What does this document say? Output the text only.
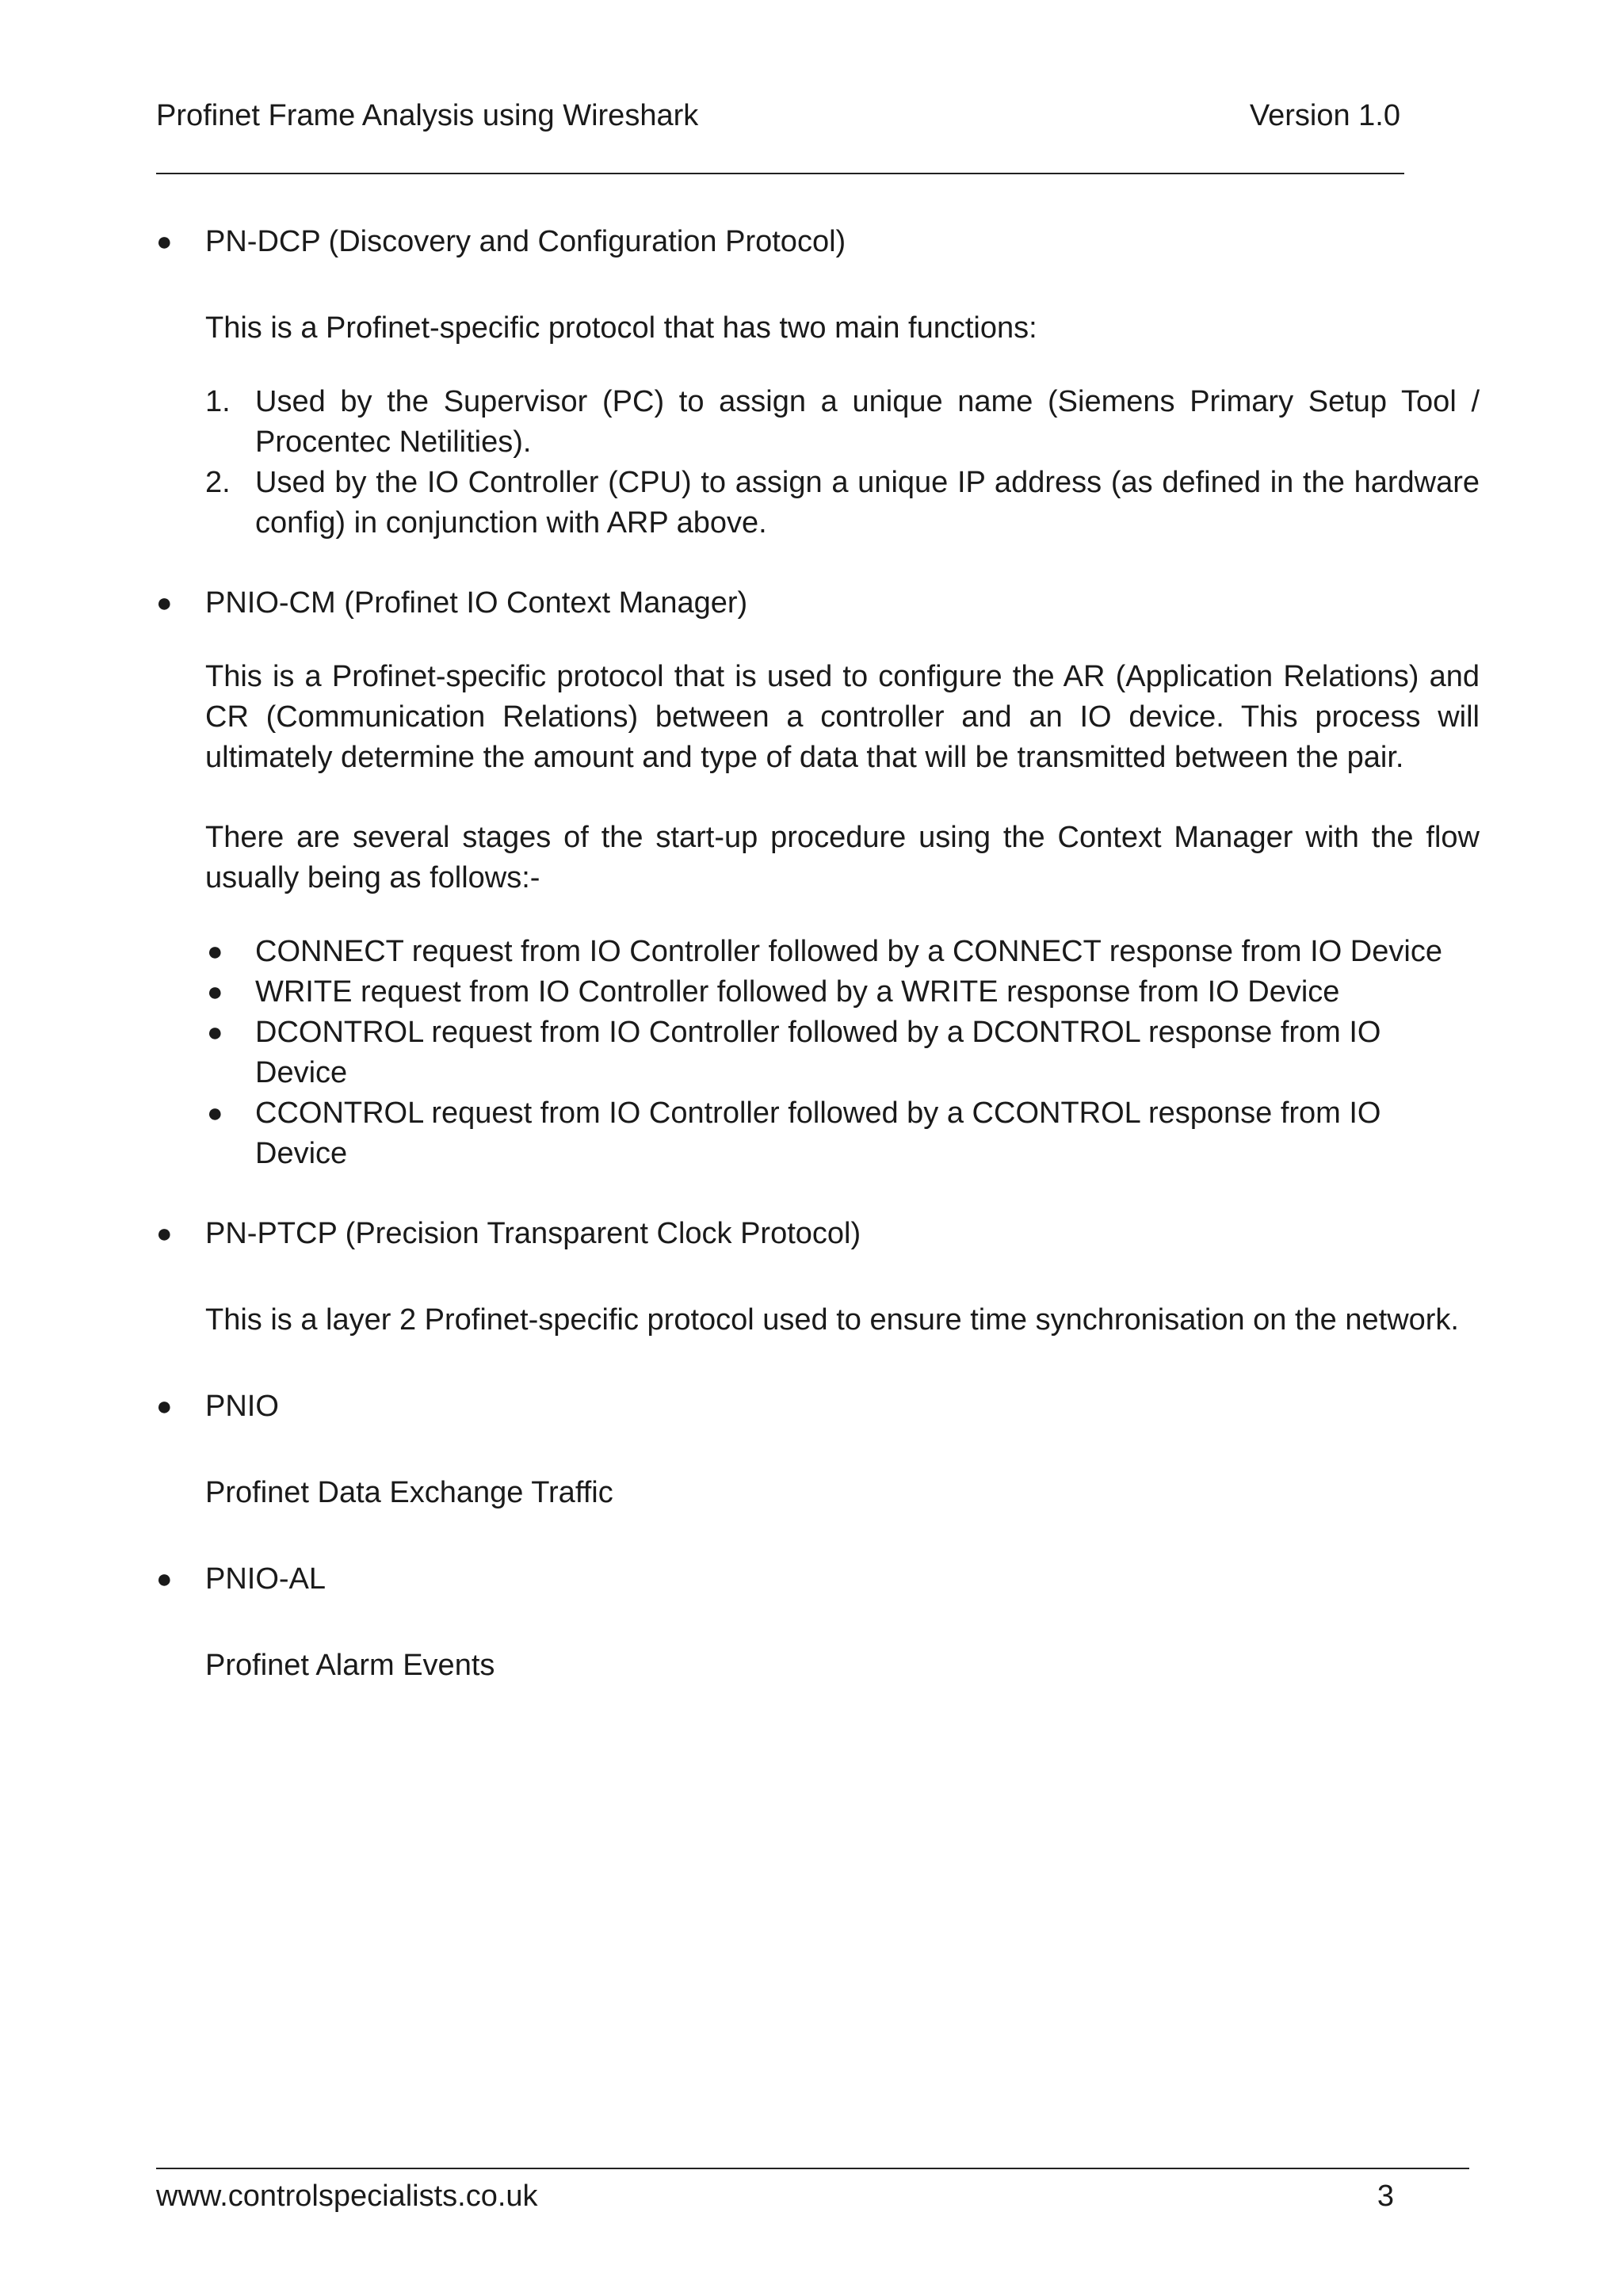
Profinet Frame Analysis using Wireshark	Version 1.0
● PN-DCP (Discovery and Configuration Protocol)
This is a Profinet-specific protocol that has two main functions:
1. Used by the Supervisor (PC) to assign a unique name (Siemens Primary Setup Tool / Procentec Netilities).
2. Used by the IO Controller (CPU) to assign a unique IP address (as defined in the hardware config) in conjunction with ARP above.
● PNIO-CM (Profinet IO Context Manager)
This is a Profinet-specific protocol that is used to configure the AR (Application Relations) and CR (Communication Relations) between a controller and an IO device. This process will ultimately determine the amount and type of data that will be transmitted between the pair.
There are several stages of the start-up procedure using the Context Manager with the flow usually being as follows:-
● CONNECT request from IO Controller followed by a CONNECT response from IO Device
● WRITE request from IO Controller followed by a WRITE response from IO Device
● DCONTROL request from IO Controller followed by a DCONTROL response from IO Device
● CCONTROL request from IO Controller followed by a CCONTROL response from IO Device
● PN-PTCP (Precision Transparent Clock Protocol)
This is a layer 2 Profinet-specific protocol used to ensure time synchronisation on the network.
● PNIO
Profinet Data Exchange Traffic
● PNIO-AL
Profinet Alarm Events
www.controlspecialists.co.uk	3
